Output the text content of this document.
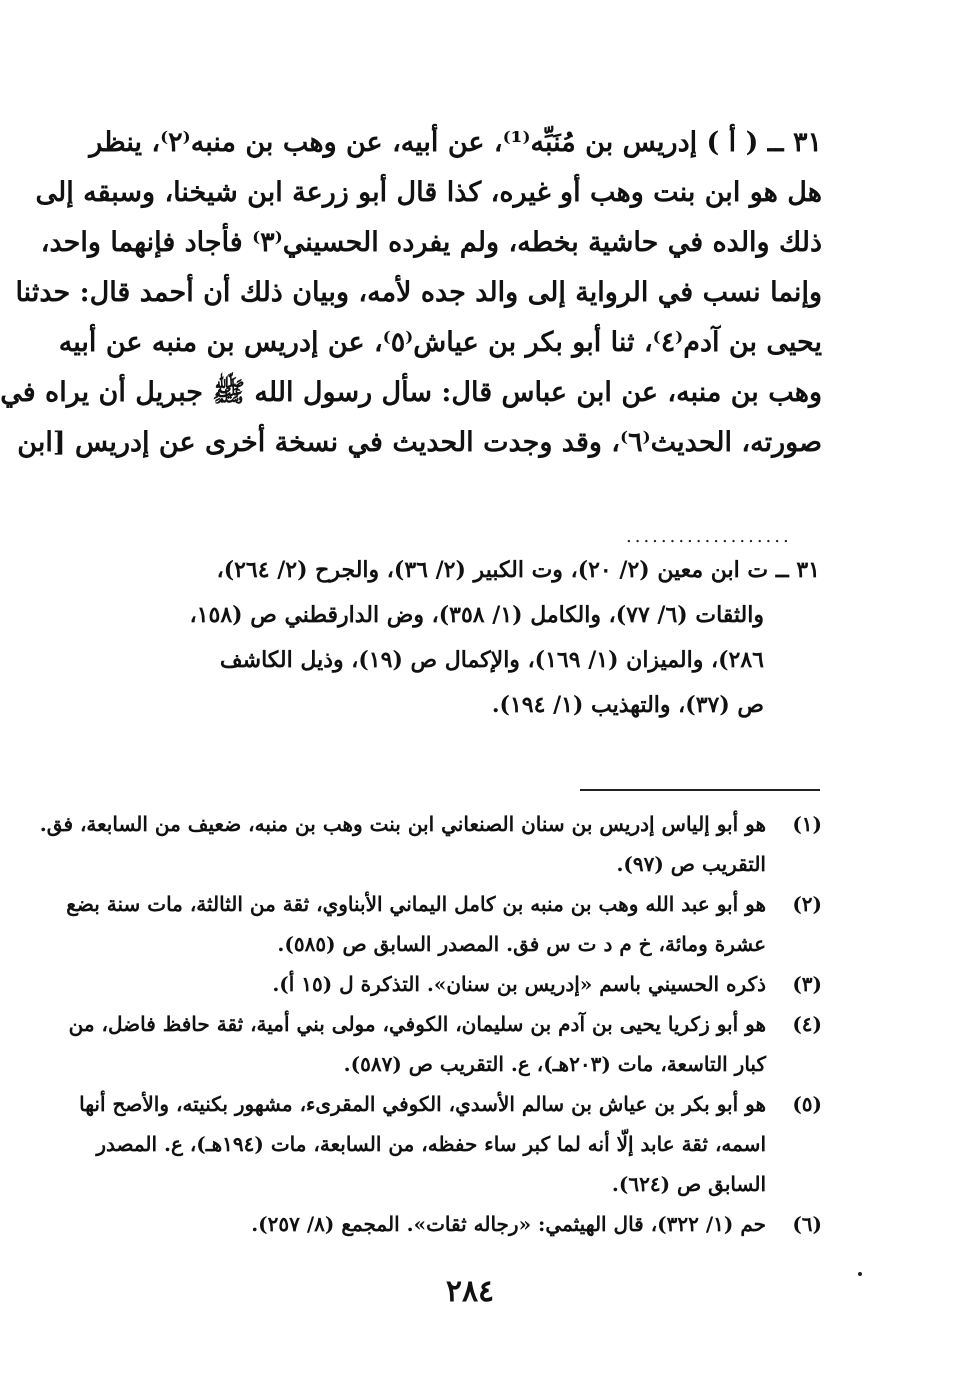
٣١ ــ ( أ ) إدريس بن مُنَبِّه⁽¹⁾، عن أبيه، عن وهب بن منبه⁽٢⁾، ينظر
هل هو ابن بنت وهب أو غيره، كذا قال أبو زرعة ابن شيخنا، وسبقه إلى
ذلك والده في حاشية بخطه، ولم يفرده الحسيني⁽٣⁾ فأجاد فإنهما واحد،
وإنما نسب في الرواية إلى والد جده لأمه، وبيان ذلك أن أحمد قال: حدثنا
يحيى بن آدم⁽٤⁾، ثنا أبو بكر بن عياش⁽٥⁾، عن إدريس بن منبه عن أبيه
وهب بن منبه، عن ابن عباس قال: سأل رسول الله ﷺ جبريل أن يراه في
صورته، الحديث⁽٦⁾، وقد وجدت الحديث في نسخة أخرى عن إدريس [ابن
...................
٣١ ــ ت ابن معين (٢/ ٢٠)، وت الكبير (٢/ ٣٦)، والجرح (٢/ ٢٦٤)،
والثقات (٦/ ٧٧)، والكامل (١/ ٣٥٨)، وض الدارقطني ص (١٥٨،
٢٨٦)، والميزان (١/ ١٦٩)، والإكمال ص (١٩)، وذيل الكاشف
ص (٣٧)، والتهذيب (١/ ١٩٤).
(١)
هو أبو إلياس إدريس بن سنان الصنعاني ابن بنت وهب بن منبه، ضعيف من السابعة، فق.
التقريب ص (٩٧).
(٢)
هو أبو عبد الله وهب بن منبه بن كامل اليماني الأبناوي، ثقة من الثالثة، مات سنة بضع
عشرة ومائة، خ م د ت س فق. المصدر السابق ص (٥٨٥).
(٣)
ذكره الحسيني باسم «إدريس بن سنان». التذكرة ل (١٥ أ).
(٤)
هو أبو زكريا يحيى بن آدم بن سليمان، الكوفي، مولى بني أمية، ثقة حافظ فاضل، من
كبار التاسعة، مات (٢٠٣هـ)، ع. التقريب ص (٥٨٧).
(٥)
هو أبو بكر بن عياش بن سالم الأسدي، الكوفي المقرىء، مشهور بكنيته، والأصح أنها
اسمه، ثقة عابد إلّا أنه لما كبر ساء حفظه، من السابعة، مات (١٩٤هـ)، ع. المصدر
السابق ص (٦٢٤).
(٦)
حم (١/ ٣٢٢)، قال الهيثمي: «رجاله ثقات». المجمع (٨/ ٢٥٧).
٢٨٤
